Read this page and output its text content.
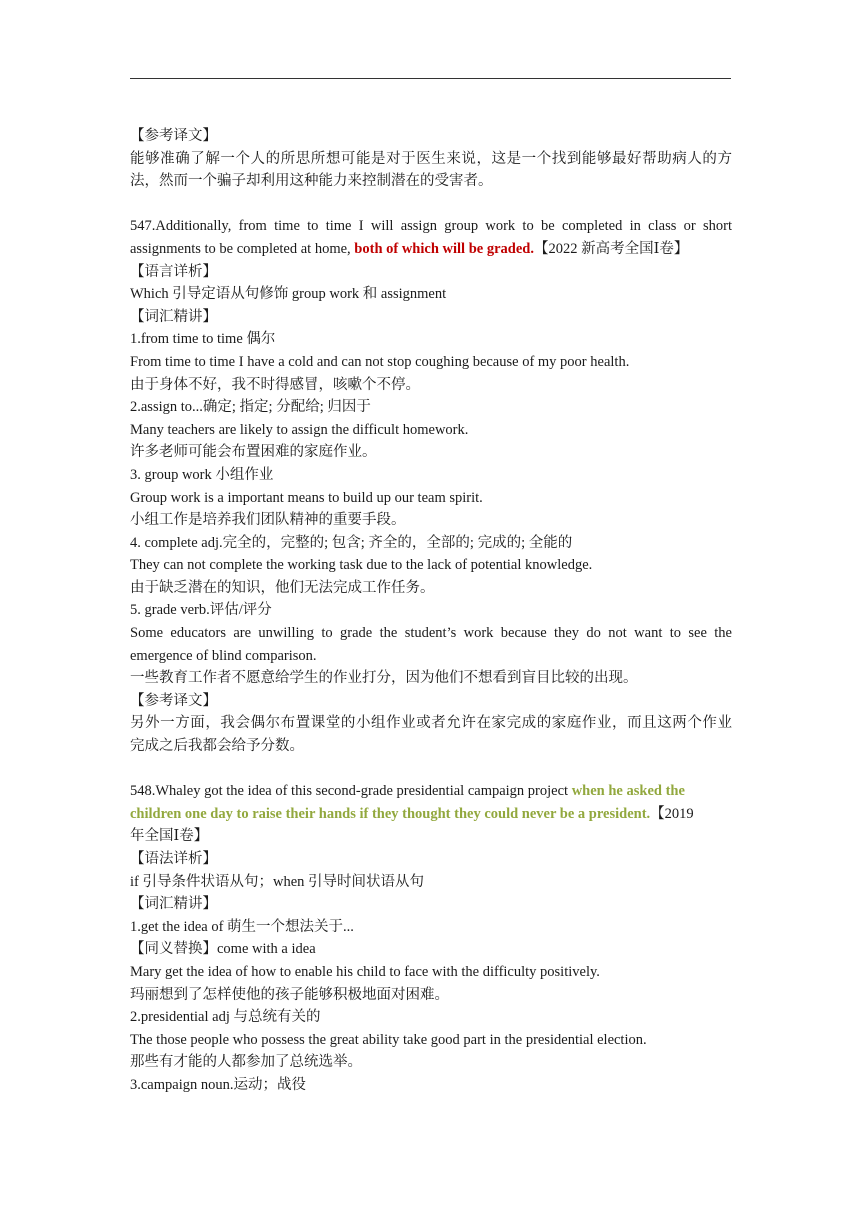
【参考译文】
能够准确了解一个人的所思所想可能是对于医生来说，这是一个找到能够最好帮助病人的方
法，然而一个骗子却利用这种能力来控制潜在的受害者。
547.Additionally, from time to time I will assign group work to be completed in class or short
assignments to be completed at home, both of which will be graded.【2022 新高考全国Ⅰ卷】
【语言详析】
Which 引导定语从句修饰 group work 和 assignment
【词汇精讲】
1.from time to time 偶尔
From time to time I have a cold and can not stop coughing because of my poor health.
由于身体不好，我不时得感冒，咳嗽个不停。
2.assign to...确定; 指定; 分配给; 归因于
Many teachers are likely to assign the difficult homework.
许多老师可能会布置困难的家庭作业。
3. group work 小组作业
Group work is a important means to build up our team spirit.
小组工作是培养我们团队精神的重要手段。
4. complete adj.完全的，完整的; 包含; 齐全的，全部的; 完成的; 全能的
They can not complete the working task due to the lack of potential knowledge.
由于缺乏潜在的知识，他们无法完成工作任务。
5. grade verb.评估/评分
Some educators are unwilling to grade the student’s work because they do not want to see the
emergence of blind comparison.
一些教育工作者不愿意给学生的作业打分，因为他们不想看到盲目比较的出现。
【参考译文】
另外一方面，我会偶尔布置课堂的小组作业或者允许在家完成的家庭作业，而且这两个作业
完成之后我都会给予分数。
548.Whaley got the idea of this second-grade presidential campaign project when he asked the
children one day to raise their hands if they thought they could never be a president.【2019
年全国Ⅰ卷】
【语法详析】
if 引导条件状语从句；when 引导时间状语从句
【词汇精讲】
1.get the idea of 萌生一个想法关于...
【同义替换】come with a idea
Mary get the idea of how to enable his child to face with the difficulty positively.
玛丽想到了怎样使他的孩子能够积极地面对困难。
2.presidential adj 与总统有关的
The those people who possess the great ability take good part in the presidential election.
那些有才能的人都参加了总统选举。
3.campaign noun.运动；战役
